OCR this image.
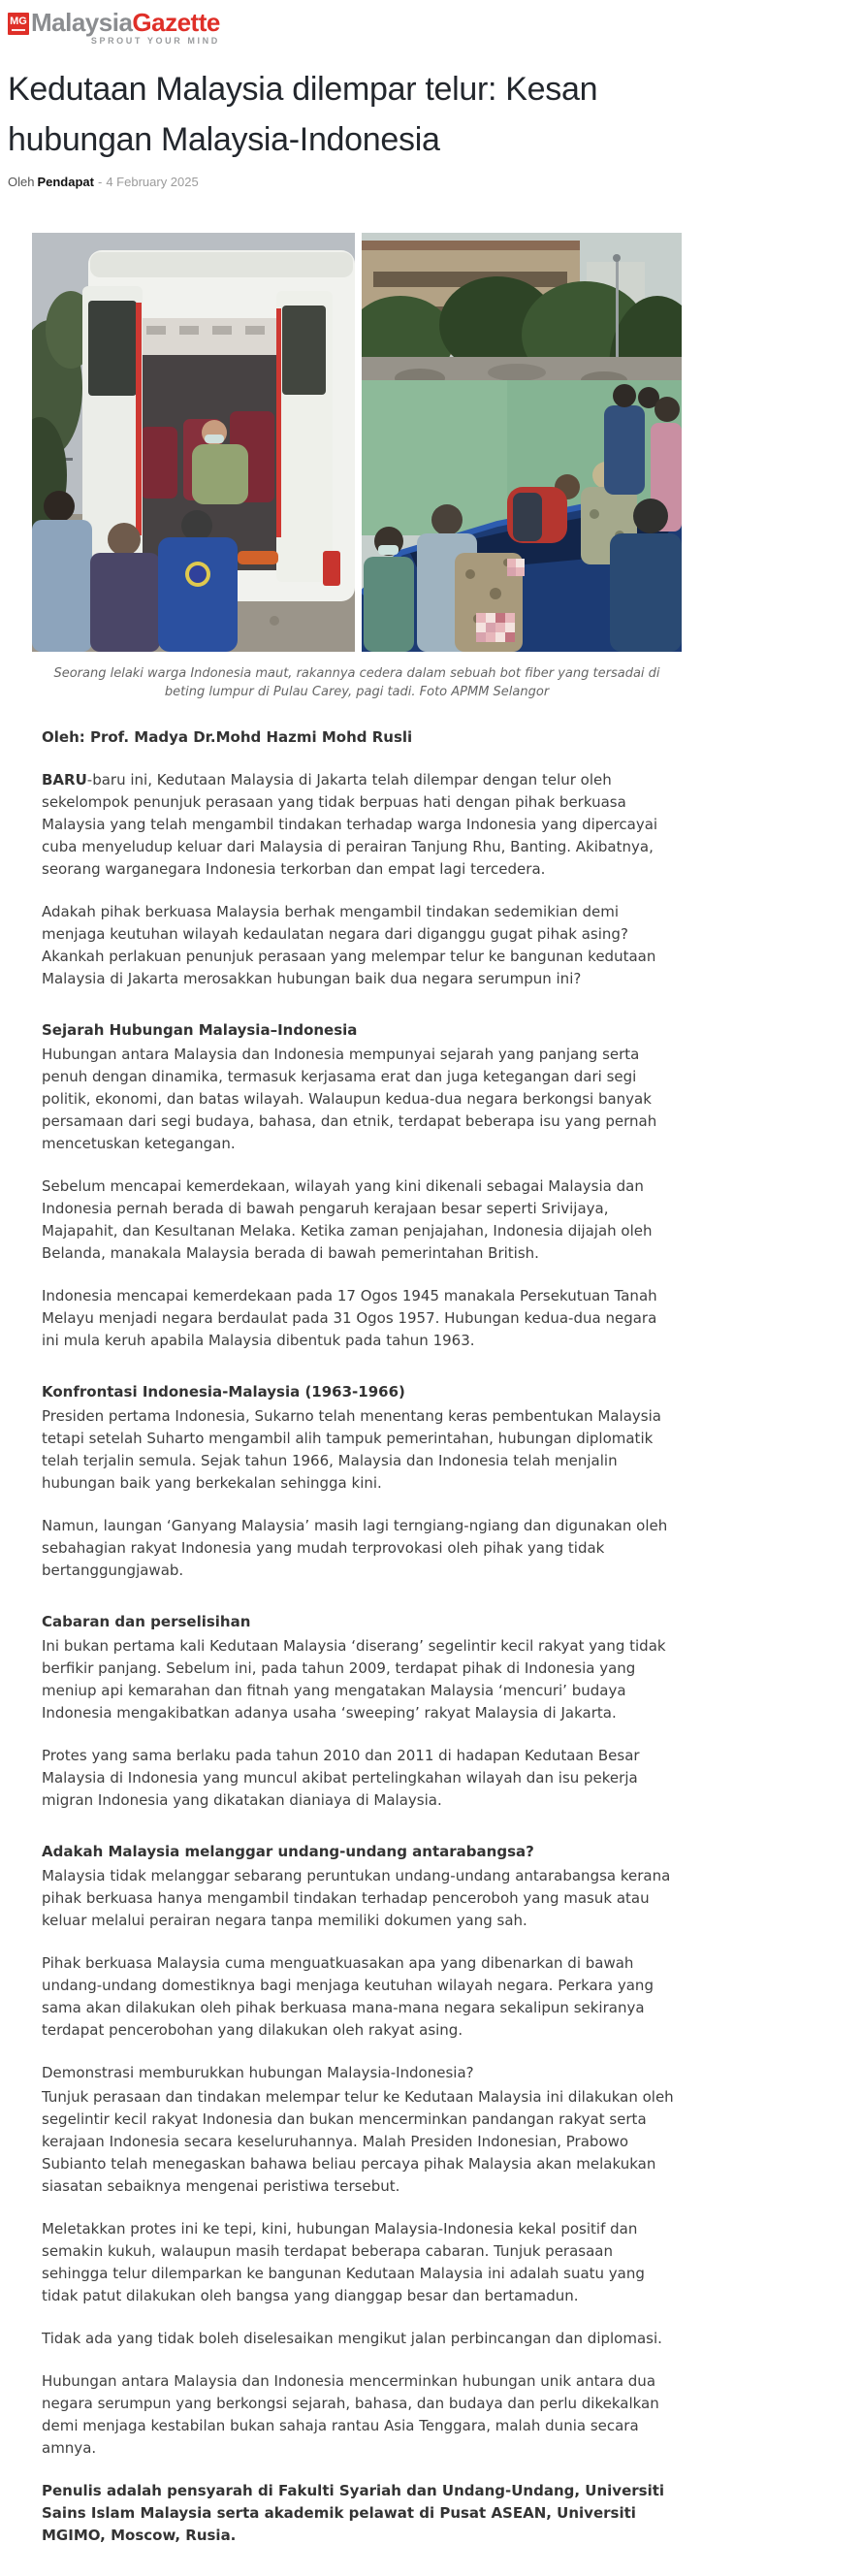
MG MalaysiaGazette
SPROUT YOUR MIND
Kedutaan Malaysia dilempar telur: Kesan hubungan Malaysia-Indonesia
Oleh Pendapat - 4 February 2025
Seorang lelaki warga Indonesia maut, rakannya cedera dalam sebuah bot fiber yang tersadai di beting lumpur di Pulau Carey, pagi tadi. Foto APMM Selangor

Oleh: Prof. Madya Dr.Mohd Hazmi Mohd Rusli

BARU-baru ini, Kedutaan Malaysia di Jakarta telah dilempar dengan telur oleh sekelompok penunjuk perasaan yang tidak berpuas hati dengan pihak berkuasa Malaysia yang telah mengambil tindakan terhadap warga Indonesia yang dipercayai cuba menyeludup keluar dari Malaysia di perairan Tanjung Rhu, Banting. Akibatnya, seorang warganegara Indonesia terkorban dan empat lagi tercedera.

Adakah pihak berkuasa Malaysia berhak mengambil tindakan sedemikian demi menjaga keutuhan wilayah kedaulatan negara dari diganggu gugat pihak asing? Akankah perlakuan penunjuk perasaan yang melempar telur ke bangunan kedutaan Malaysia di Jakarta merosakkan hubungan baik dua negara serumpun ini?

Sejarah Hubungan Malaysia–Indonesia

Hubungan antara Malaysia dan Indonesia mempunyai sejarah yang panjang serta penuh dengan dinamika, termasuk kerjasama erat dan juga ketegangan dari segi politik, ekonomi, dan batas wilayah. Walaupun kedua-dua negara berkongsi banyak persamaan dari segi budaya, bahasa, dan etnik, terdapat beberapa isu yang pernah mencetuskan ketegangan.

Sebelum mencapai kemerdekaan, wilayah yang kini dikenali sebagai Malaysia dan Indonesia pernah berada di bawah pengaruh kerajaan besar seperti Srivijaya, Majapahit, dan Kesultanan Melaka. Ketika zaman penjajahan, Indonesia dijajah oleh Belanda, manakala Malaysia berada di bawah pemerintahan British.

Indonesia mencapai kemerdekaan pada 17 Ogos 1945 manakala Persekutuan Tanah Melayu menjadi negara berdaulat pada 31 Ogos 1957. Hubungan kedua-dua negara ini mula keruh apabila Malaysia dibentuk pada tahun 1963.

Konfrontasi Indonesia-Malaysia (1963-1966)

Presiden pertama Indonesia, Sukarno telah menentang keras pembentukan Malaysia tetapi setelah Suharto mengambil alih tampuk pemerintahan, hubungan diplomatik telah terjalin semula. Sejak tahun 1966, Malaysia dan Indonesia telah menjalin hubungan baik yang berkekalan sehingga kini.

Namun, laungan ‘Ganyang Malaysia’ masih lagi terngiang-ngiang dan digunakan oleh sebahagian rakyat Indonesia yang mudah terprovokasi oleh pihak yang tidak bertanggungjawab.

Cabaran dan perselisihan

Ini bukan pertama kali Kedutaan Malaysia ‘diserang’ segelintir kecil rakyat yang tidak berfikir panjang. Sebelum ini, pada tahun 2009, terdapat pihak di Indonesia yang meniup api kemarahan dan fitnah yang mengatakan Malaysia ‘mencuri’ budaya Indonesia mengakibatkan adanya usaha ‘sweeping’ rakyat Malaysia di Jakarta.

Protes yang sama berlaku pada tahun 2010 dan 2011 di hadapan Kedutaan Besar Malaysia di Indonesia yang muncul akibat pertelingkahan wilayah dan isu pekerja migran Indonesia yang dikatakan dianiaya di Malaysia.

Adakah Malaysia melanggar undang-undang antarabangsa?

Malaysia tidak melanggar sebarang peruntukan undang-undang antarabangsa kerana pihak berkuasa hanya mengambil tindakan terhadap penceroboh yang masuk atau keluar melalui perairan negara tanpa memiliki dokumen yang sah.

Pihak berkuasa Malaysia cuma menguatkuasakan apa yang dibenarkan di bawah undang-undang domestiknya bagi menjaga keutuhan wilayah negara. Perkara yang sama akan dilakukan oleh pihak berkuasa mana-mana negara sekalipun sekiranya terdapat pencerobohan yang dilakukan oleh rakyat asing.

Demonstrasi memburukkan hubungan Malaysia-Indonesia?

Tunjuk perasaan dan tindakan melempar telur ke Kedutaan Malaysia ini dilakukan oleh segelintir kecil rakyat Indonesia dan bukan mencerminkan pandangan rakyat serta kerajaan Indonesia secara keseluruhannya. Malah Presiden Indonesian, Prabowo Subianto telah menegaskan bahawa beliau percaya pihak Malaysia akan melakukan siasatan sebaiknya mengenai peristiwa tersebut.

Meletakkan protes ini ke tepi, kini, hubungan Malaysia-Indonesia kekal positif dan semakin kukuh, walaupun masih terdapat beberapa cabaran. Tunjuk perasaan sehingga telur dilemparkan ke bangunan Kedutaan Malaysia ini adalah suatu yang tidak patut dilakukan oleh bangsa yang dianggap besar dan bertamadun.

Tidak ada yang tidak boleh diselesaikan mengikut jalan perbincangan dan diplomasi.

Hubungan antara Malaysia dan Indonesia mencerminkan hubungan unik antara dua negara serumpun yang berkongsi sejarah, bahasa, dan budaya dan perlu dikekalkan demi menjaga kestabilan bukan sahaja rantau Asia Tenggara, malah dunia secara amnya.

Penulis adalah pensyarah di Fakulti Syariah dan Undang-Undang, Universiti Sains Islam Malaysia serta akademik pelawat di Pusat ASEAN, Universiti MGIMO, Moscow, Rusia.
